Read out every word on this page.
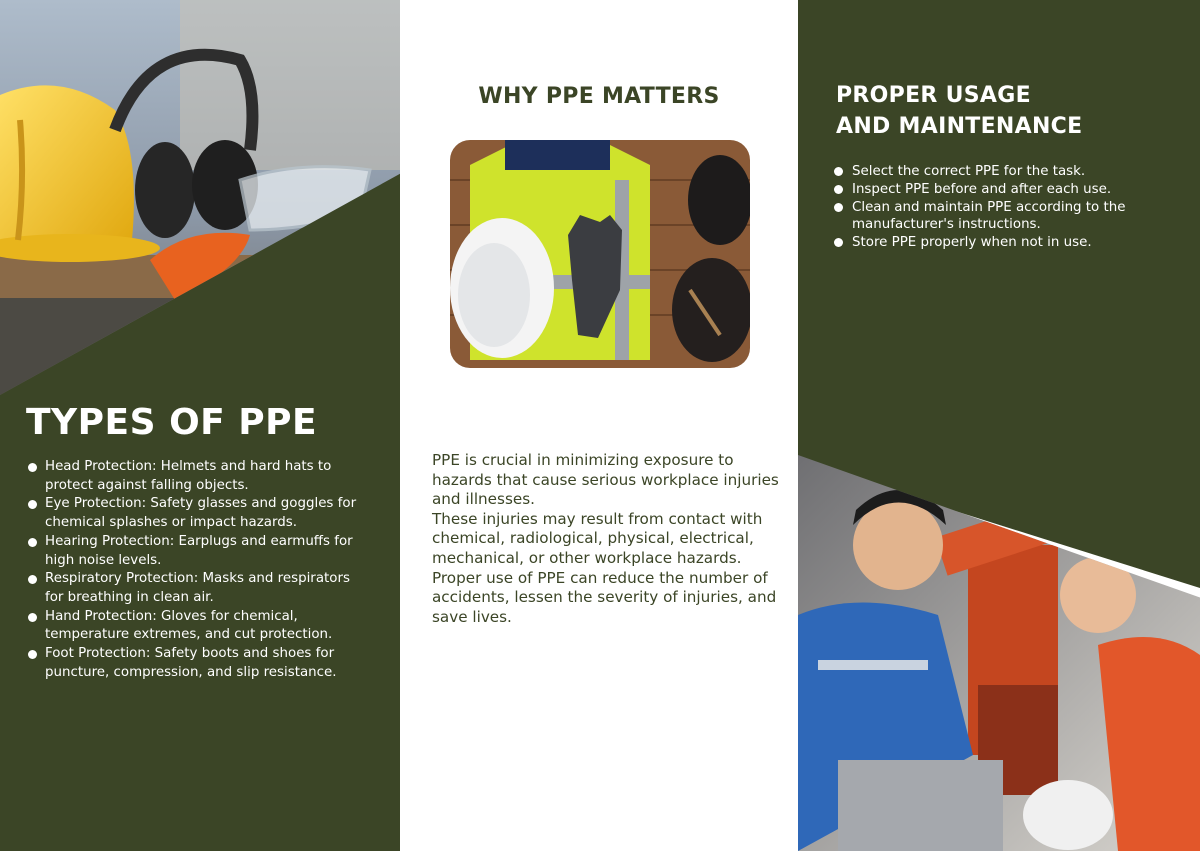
TYPES OF PPE
Head Protection: Helmets and hard hats to protect against falling objects.
Eye Protection: Safety glasses and goggles for chemical splashes or impact hazards.
Hearing Protection: Earplugs and earmuffs for high noise levels.
Respiratory Protection: Masks and respirators for breathing in clean air.
Hand Protection: Gloves for chemical, temperature extremes, and cut protection.
Foot Protection: Safety boots and shoes for puncture, compression, and slip resistance.
WHY PPE MATTERS

PPE is crucial in minimizing exposure to hazards that cause serious workplace injuries and illnesses.

These injuries may result from contact with chemical, radiological, physical, electrical, mechanical, or other workplace hazards. Proper use of PPE can reduce the number of accidents, lessen the severity of injuries, and save lives.

PROPER USAGE
AND MAINTENANCE
Select the correct PPE for the task.
Inspect PPE before and after each use.
Clean and maintain PPE according to the manufacturer's instructions.
Store PPE properly when not in use.
